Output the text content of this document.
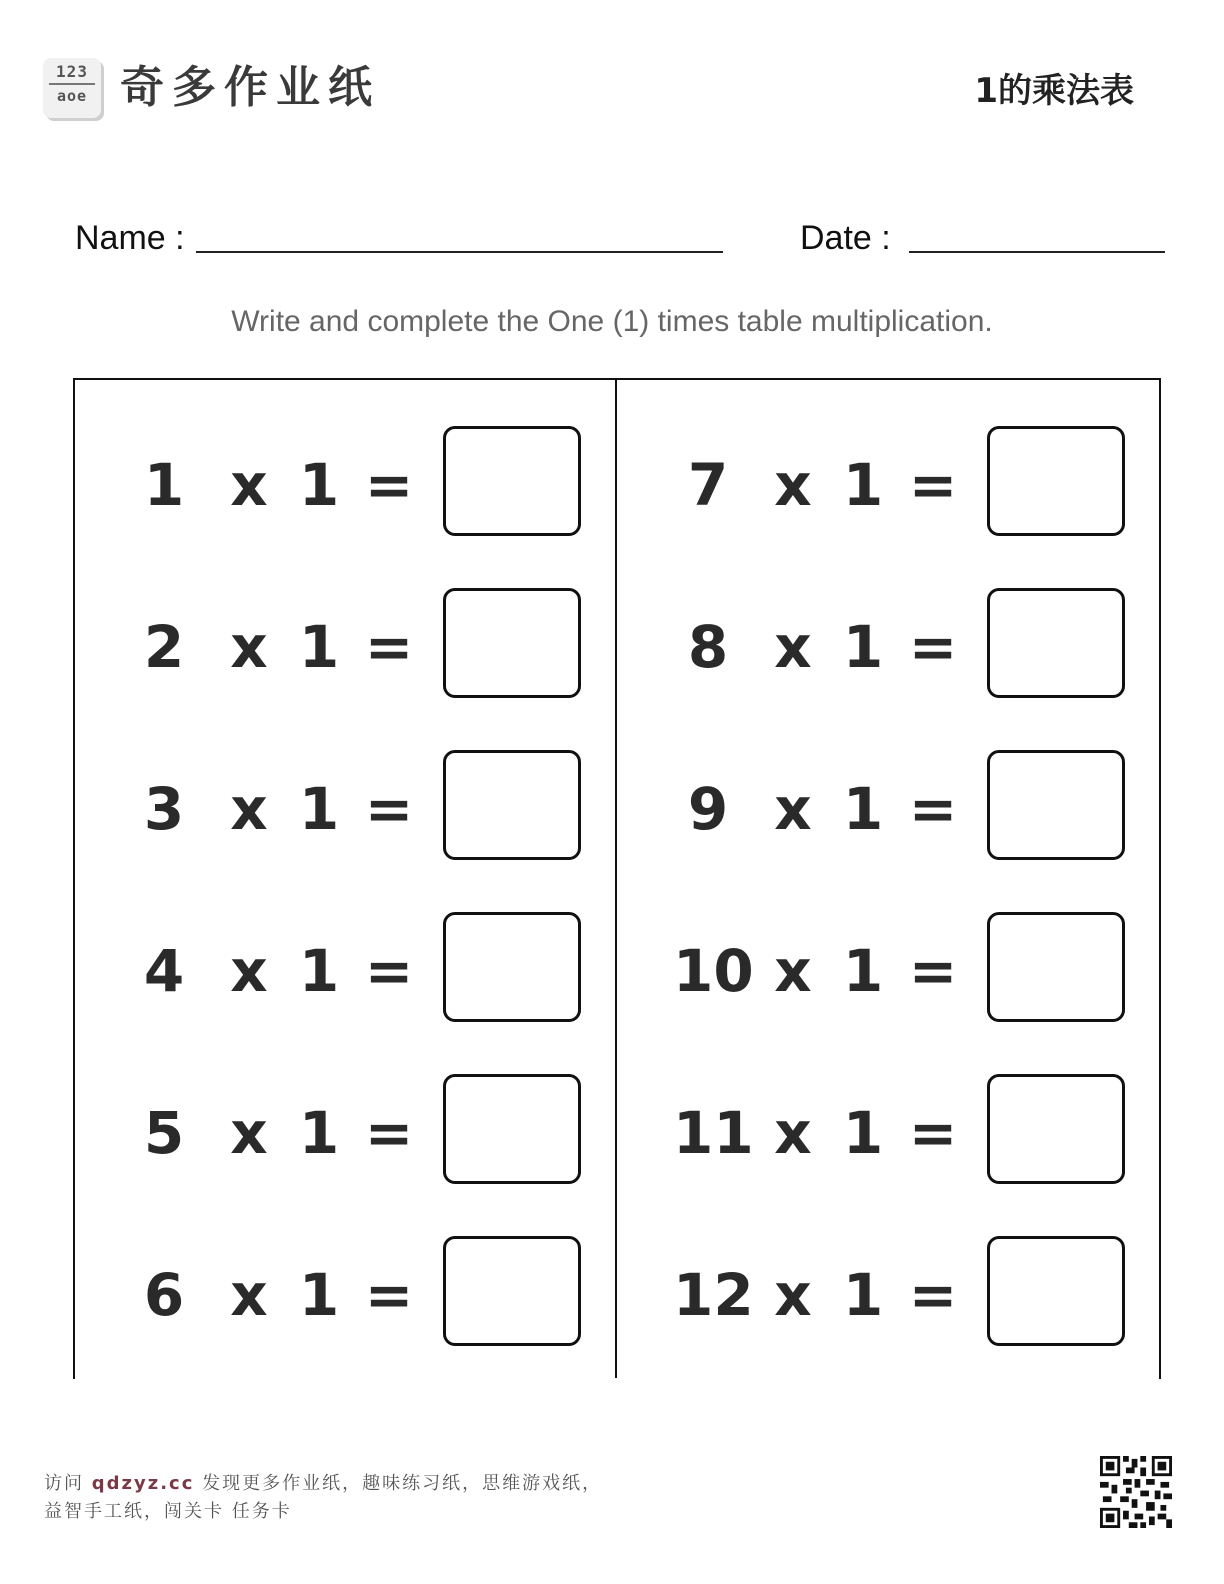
123
aoe 奇多作业纸	1的乘法表
Name :	Date :
Write and complete the One (1) times table multiplication.
1 x 1 =
2 x 1 =
3 x 1 =
4 x 1 =
5 x 1 =
6 x 1 =
7 x 1 =
8 x 1 =
9 x 1 =
10 x 1 =
11 x 1 =
12 x 1 =
访问 qdzyz.cc 发现更多作业纸，趣味练习纸，思维游戏纸，益智手工纸，闯关卡 任务卡
